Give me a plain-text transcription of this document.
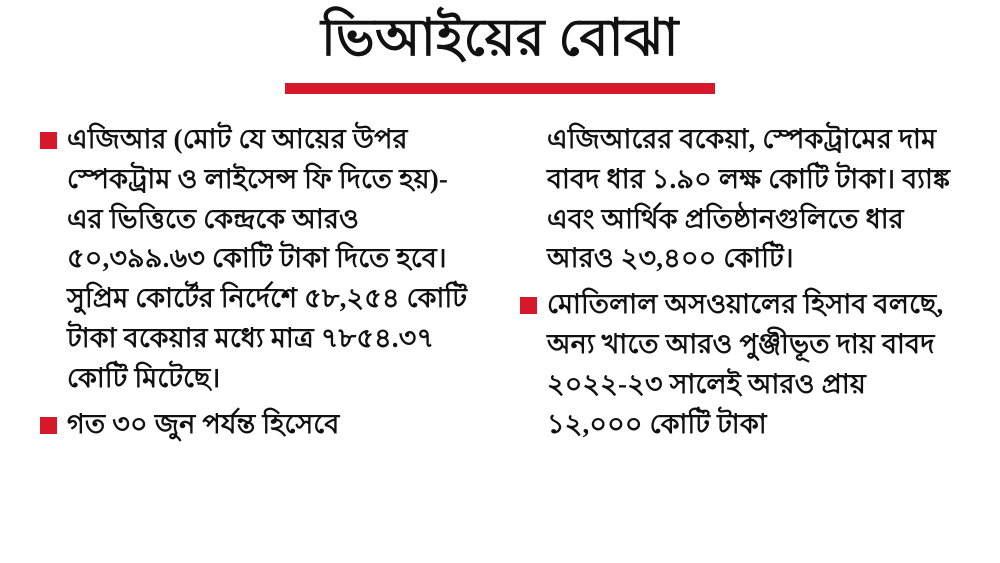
ভিআইয়ের বোঝা
এজিআর (মোট যে আয়ের উপর স্পেকট্রাম ও লাইসেন্স ফি দিতে হয়)-এর ভিত্তিতে কেন্দ্রকে আরও ৫০,৩৯৯.৬৩ কোটি টাকা দিতে হবে। সুপ্রিম কোর্টের নির্দেশে ৫৮,২৫৪ কোটি টাকা বকেয়ার মধ্যে মাত্র ৭৮৫৪.৩৭ কোটি মিটেছে।
গত ৩০ জুন পর্যন্ত হিসেবে
এজিআরের বকেয়া, স্পেকট্রামের দাম বাবদ ধার ১.৯০ লক্ষ কোটি টাকা। ব্যাঙ্ক এবং আর্থিক প্রতিষ্ঠানগুলিতে ধার আরও ২৩,৪০০ কোটি।
মোতিলাল অসওয়ালের হিসাব বলছে, অন্য খাতে আরও পুঞ্জীভূত দায় বাবদ ২০২২-২৩ সালেই আরও প্রায় ১২,০০০ কোটি টাকা
